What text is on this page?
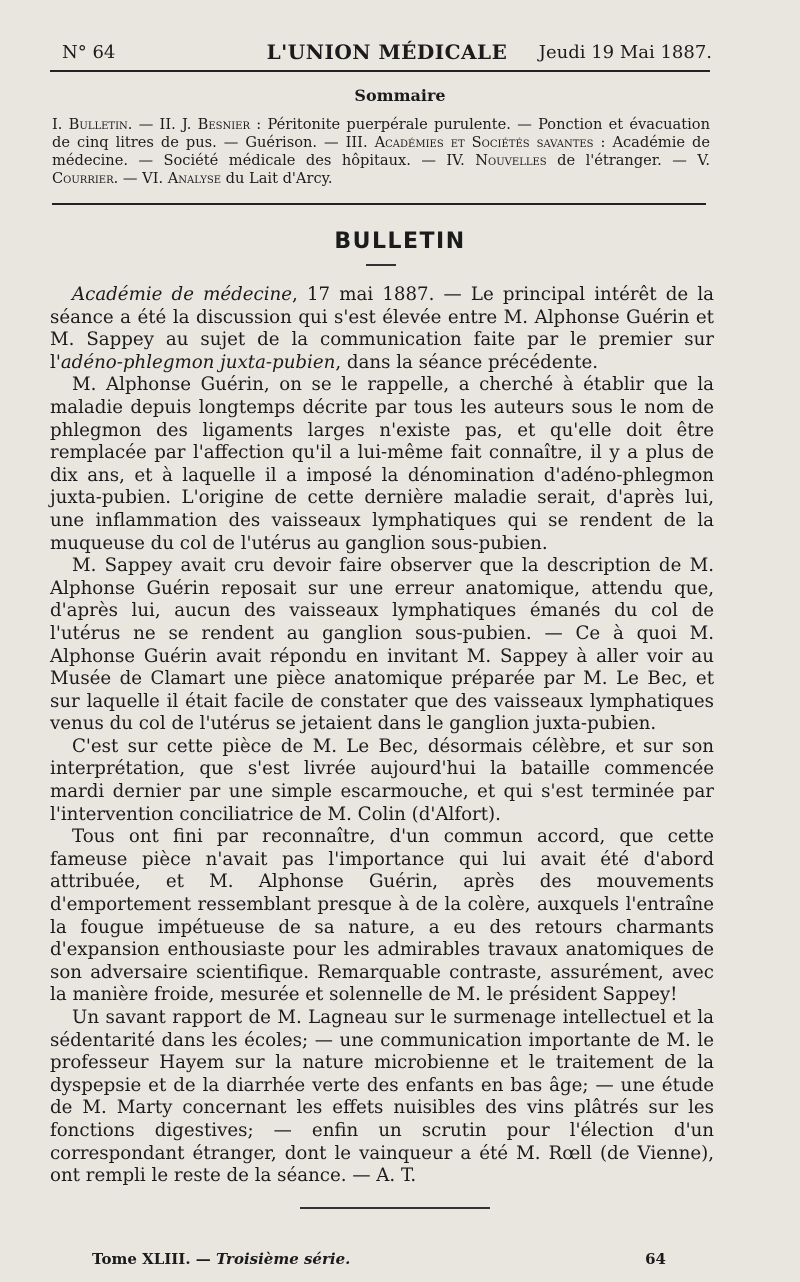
N° 64	L'UNION MÉDICALE	Jeudi 19 Mai 1887.
Sommaire
I. Bulletin. — II. J. Besnier : Péritonite puerpérale purulente. — Ponction et évacuation de cinq litres de pus. — Guérison. — III. Académies et Sociétés savantes : Académie de médecine. — Société médicale des hôpitaux. — IV. Nouvelles de l'étranger. — V. Courrier. — VI. Analyse du Lait d'Arcy.
BULLETIN

Académie de médecine, 17 mai 1887. — Le principal intérêt de la séance a été la discussion qui s'est élevée entre M. Alphonse Guérin et M. Sappey au sujet de la communication faite par le premier sur l'adéno-phlegmon juxta-pubien, dans la séance précédente.

M. Alphonse Guérin, on se le rappelle, a cherché à établir que la maladie depuis longtemps décrite par tous les auteurs sous le nom de phlegmon des ligaments larges n'existe pas, et qu'elle doit être remplacée par l'affection qu'il a lui-même fait connaître, il y a plus de dix ans, et à laquelle il a imposé la dénomination d'adéno-phlegmon juxta-pubien. L'origine de cette dernière maladie serait, d'après lui, une inflammation des vaisseaux lymphatiques qui se rendent de la muqueuse du col de l'utérus au ganglion sous-pubien.

M. Sappey avait cru devoir faire observer que la description de M. Alphonse Guérin reposait sur une erreur anatomique, attendu que, d'après lui, aucun des vaisseaux lymphatiques émanés du col de l'utérus ne se rendent au ganglion sous-pubien. — Ce à quoi M. Alphonse Guérin avait répondu en invitant M. Sappey à aller voir au Musée de Clamart une pièce anatomique préparée par M. Le Bec, et sur laquelle il était facile de constater que des vaisseaux lymphatiques venus du col de l'utérus se jetaient dans le ganglion juxta-pubien.

C'est sur cette pièce de M. Le Bec, désormais célèbre, et sur son interprétation, que s'est livrée aujourd'hui la bataille commencée mardi dernier par une simple escarmouche, et qui s'est terminée par l'intervention conciliatrice de M. Colin (d'Alfort).

Tous ont fini par reconnaître, d'un commun accord, que cette fameuse pièce n'avait pas l'importance qui lui avait été d'abord attribuée, et M. Alphonse Guérin, après des mouvements d'emportement ressemblant presque à de la colère, auxquels l'entraîne la fougue impétueuse de sa nature, a eu des retours charmants d'expansion enthousiaste pour les admirables travaux anatomiques de son adversaire scientifique. Remarquable contraste, assurément, avec la manière froide, mesurée et solennelle de M. le président Sappey!

Un savant rapport de M. Lagneau sur le surmenage intellectuel et la sédentarité dans les écoles; — une communication importante de M. le professeur Hayem sur la nature microbienne et le traitement de la dyspepsie et de la diarrhée verte des enfants en bas âge; — une étude de M. Marty concernant les effets nuisibles des vins plâtrés sur les fonctions digestives; — enfin un scrutin pour l'élection d'un correspondant étranger, dont le vainqueur a été M. Rœll (de Vienne), ont rempli le reste de la séance. — A. T.

Tome XLIII. — Troisième série.	64
